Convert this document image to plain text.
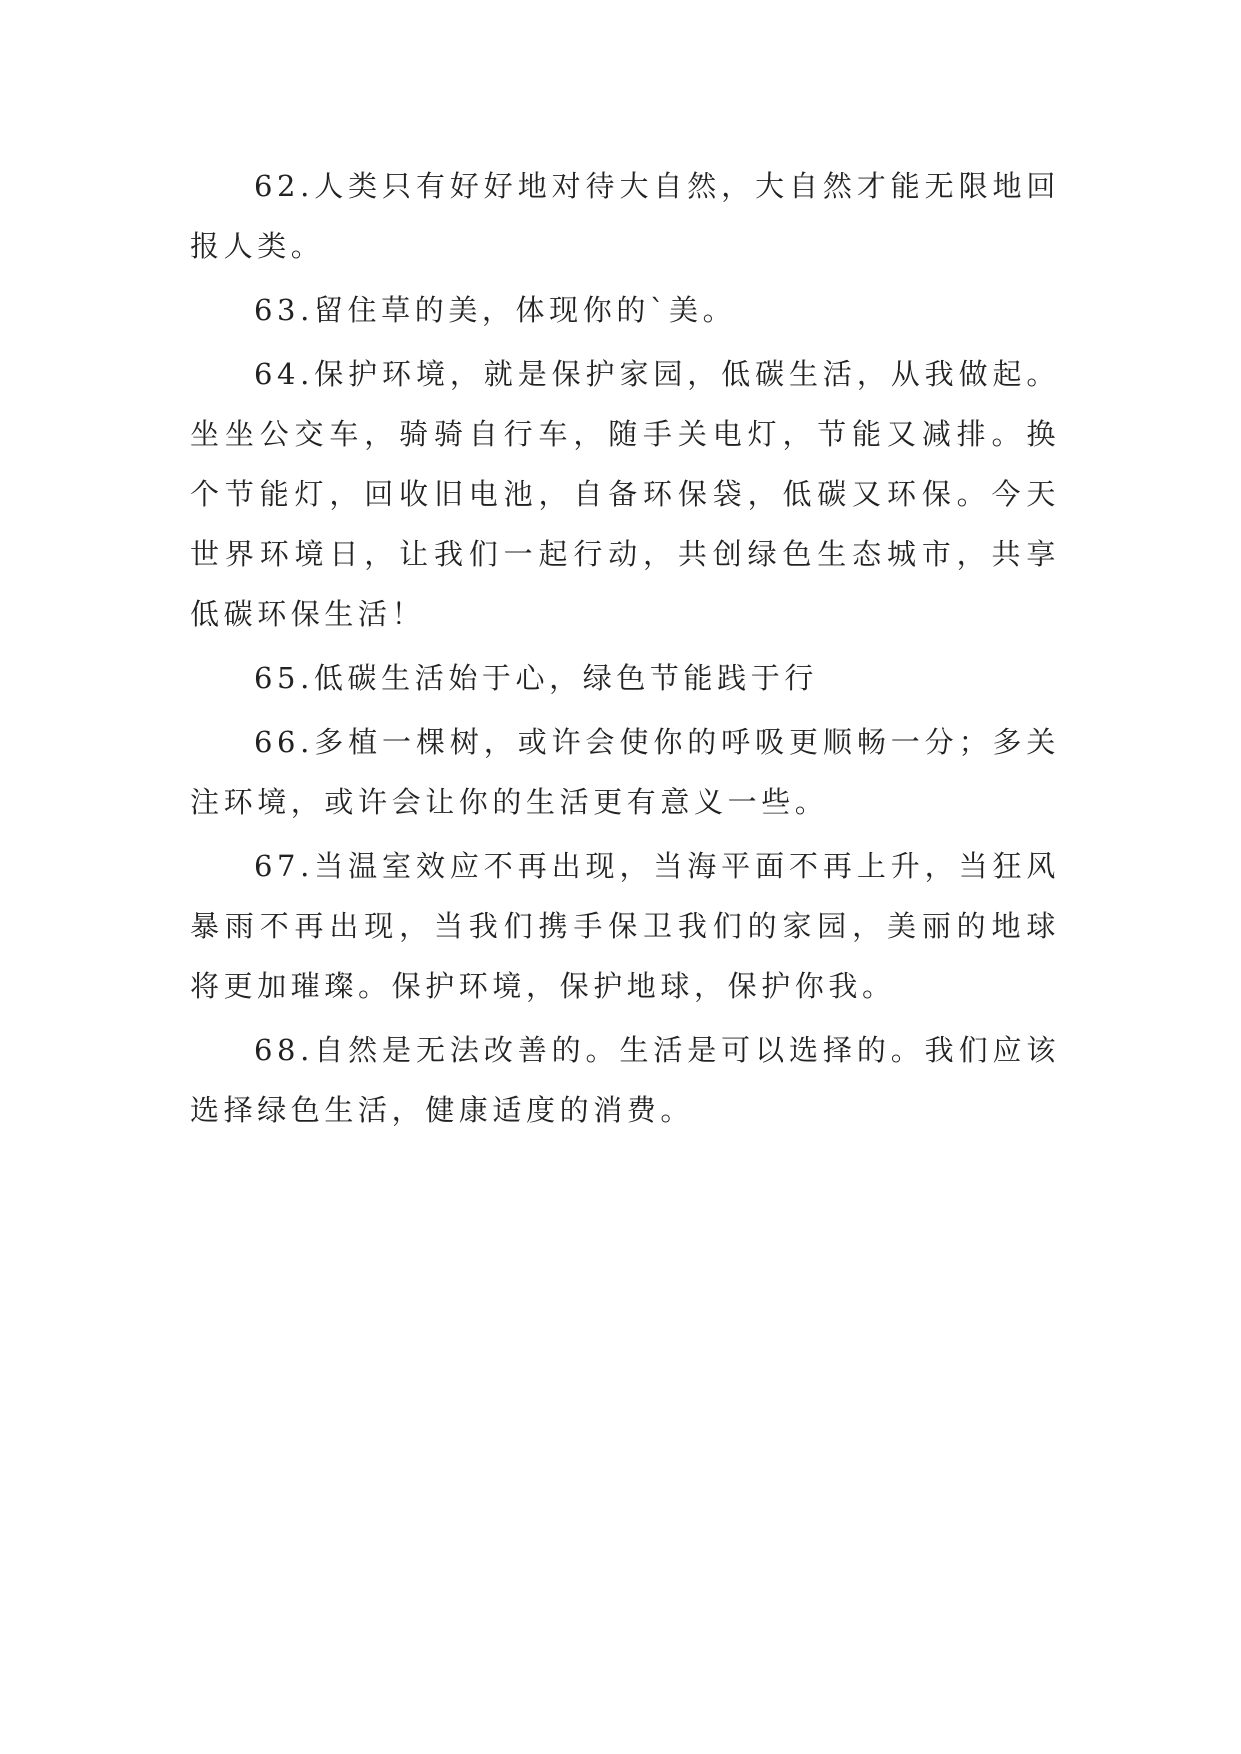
62.人类只有好好地对待大自然，大自然才能无限地回报人类。

63.留住草的美，体现你的`美。

64.保护环境，就是保护家园，低碳生活，从我做起。坐坐公交车，骑骑自行车，随手关电灯，节能又减排。换个节能灯，回收旧电池，自备环保袋，低碳又环保。今天世界环境日，让我们一起行动，共创绿色生态城市，共享低碳环保生活！

65.低碳生活始于心，绿色节能践于行

66.多植一棵树，或许会使你的呼吸更顺畅一分；多关注环境，或许会让你的生活更有意义一些。

67.当温室效应不再出现，当海平面不再上升，当狂风暴雨不再出现，当我们携手保卫我们的家园，美丽的地球将更加璀璨。保护环境，保护地球，保护你我。

68.自然是无法改善的。生活是可以选择的。我们应该选择绿色生活，健康适度的消费。
